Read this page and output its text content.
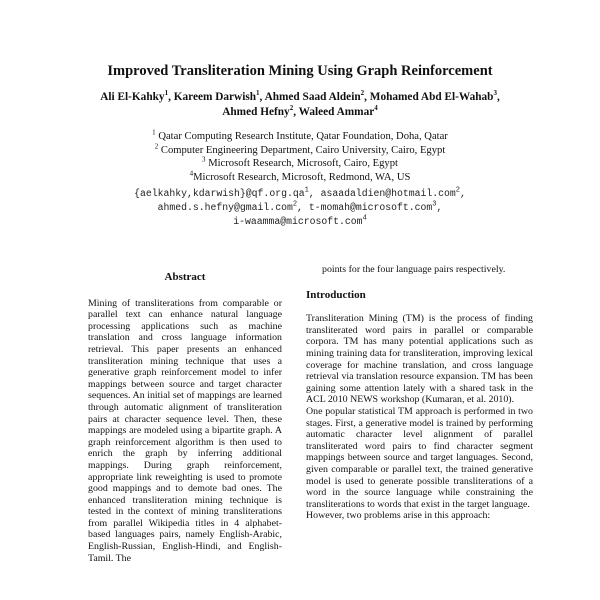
Improved Transliteration Mining Using Graph Reinforcement
Ali El-Kahky$^1$, Kareem Darwish$^1$, Ahmed Saad Aldein$^2$, Mohamed Abd El-Wahab$^3$,
Ahmed Hefny$^2$, Waleed Ammar$^4$
$^1$ Qatar Computing Research Institute, Qatar Foundation, Doha, Qatar
$^2$ Computer Engineering Department, Cairo University, Cairo, Egypt
$^3$ Microsoft Research, Microsoft, Cairo, Egypt
$^4$Microsoft Research, Microsoft, Redmond, WA, US
$\{aelkahky,kdarwish\}@qf.org.qa^1$, asaadaldien@hotmail.com$^2$,
ahmed.s.hefny@gmail.com$^2$, t-momah@microsoft.com$^3$,
i-waamma@microsoft.com$^4$
Abstract

Mining of transliterations from comparable or parallel text can enhance natural language processing applications such as machine translation and cross language information retrieval. This paper presents an enhanced transliteration mining technique that uses a generative graph reinforcement model to infer mappings between source and target character sequences. An initial set of mappings are learned through automatic alignment of transliteration pairs at character sequence level. Then, these mappings are modeled using a bipartite graph. A graph reinforcement algorithm is then used to enrich the graph by inferring additional mappings. During graph reinforcement, appropriate link reweighting is used to promote good mappings and to demote bad ones. The enhanced transliteration mining technique is tested in the context of mining transliterations from parallel Wikipedia titles in 4 alphabet-based languages pairs, namely English-Arabic, English-Russian, English-Hindi, and English-Tamil. The

points for the four language pairs respectively.

Introduction

Transliteration Mining (TM) is the process of finding transliterated word pairs in parallel or comparable corpora. TM has many potential applications such as mining training data for transliteration, improving lexical coverage for machine translation, and cross language retrieval via translation resource expansion. TM has been gaining some attention lately with a shared task in the ACL 2010 NEWS workshop (Kumaran, et al. 2010).

One popular statistical TM approach is performed in two stages. First, a generative model is trained by performing automatic character level alignment of parallel transliterated word pairs to find character segment mappings between source and target languages. Second, given comparable or parallel text, the trained generative model is used to generate possible transliterations of a word in the source language while constraining the transliterations to words that exist in the target language.

However, two problems arise in this approach:
